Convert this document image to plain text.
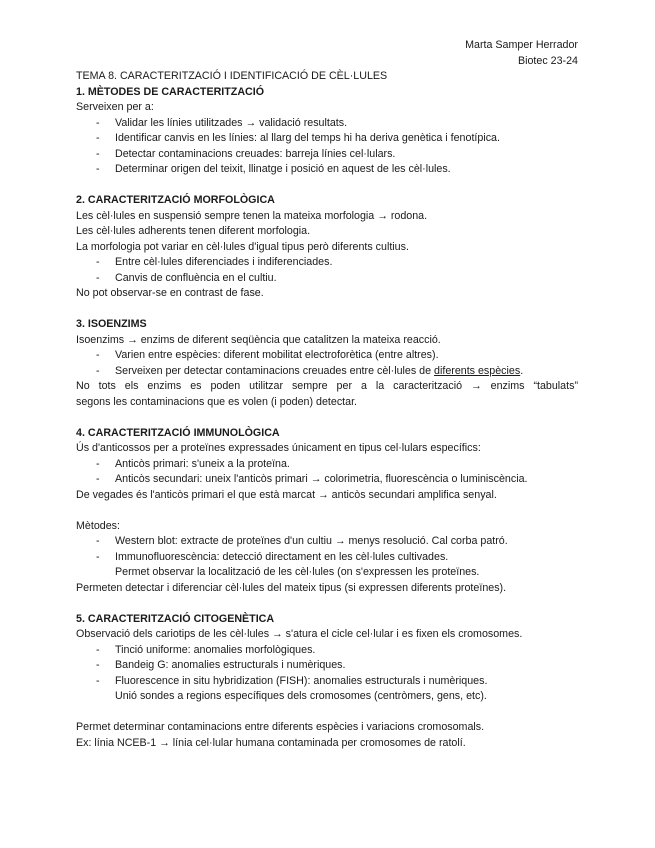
Marta Samper Herrador
Biotec 23-24
TEMA 8. CARACTERITZACIÓ I IDENTIFICACIÓ DE CÈL·LULES
1. MÈTODES DE CARACTERITZACIÓ
Serveixen per a:
- Validar les línies utilitzades → validació resultats.
- Identificar canvis en les línies: al llarg del temps hi ha deriva genètica i fenotípica.
- Detectar contaminacions creuades: barreja línies cel·lulars.
- Determinar origen del teixit, llinatge i posició en aquest de les cèl·lules.
2. CARACTERITZACIÓ MORFOLÒGICA
Les cèl·lules en suspensió sempre tenen la mateixa morfologia → rodona.
Les cèl·lules adherents tenen diferent morfologia.
La morfologia pot variar en cèl·lules d'igual tipus però diferents cultius.
- Entre cèl·lules diferenciades i indiferenciades.
- Canvis de confluència en el cultiu.
No pot observar-se en contrast de fase.
3. ISOENZIMS
Isoenzims → enzims de diferent seqüència que catalitzen la mateixa reacció.
- Varien entre espècies: diferent mobilitat electroforètica (entre altres).
- Serveixen per detectar contaminacions creuades entre cèl·lules de diferents espècies.
No tots els enzims es poden utilitzar sempre per a la caracterització → enzims “tabulats”
segons les contaminacions que es volen (i poden) detectar.
4. CARACTERITZACIÓ IMMUNOLÒGICA
Ús d'anticossos per a proteïnes expressades únicament en tipus cel·lulars específics:
- Anticòs primari: s'uneix a la proteïna.
- Anticòs secundari: uneix l'anticòs primari → colorimetria, fluorescència o luminiscència.
De vegades és l'anticòs primari el que està marcat → anticòs secundari amplifica senyal.
Mètodes:
- Western blot: extracte de proteïnes d'un cultiu → menys resolució. Cal corba patró.
- Immunofluorescència: detecció directament en les cèl·lules cultivades.
Permet observar la localització de les cèl·lules (on s'expressen les proteïnes.
Permeten detectar i diferenciar cèl·lules del mateix tipus (si expressen diferents proteïnes).
5. CARACTERITZACIÓ CITOGENÈTICA
Observació dels cariotips de les cèl·lules → s'atura el cicle cel·lular i es fixen els cromosomes.
- Tinció uniforme: anomalies morfològiques.
- Bandeig G: anomalies estructurals i numèriques.
- Fluorescence in situ hybridization (FISH): anomalies estructurals i numèriques.
Unió sondes a regions específiques dels cromosomes (centròmers, gens, etc).
Permet determinar contaminacions entre diferents espècies i variacions cromosomals.
Ex: línia NCEB-1 → línia cel·lular humana contaminada per cromosomes de ratolí.
